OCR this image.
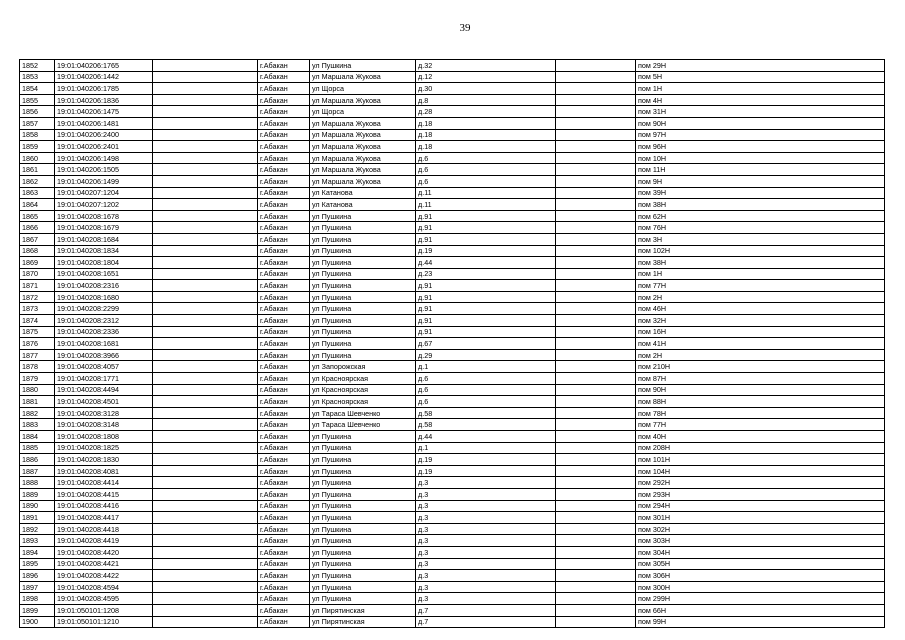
39
1852	19:01:040206:1765		г.Абакан	ул Пушкина	д.32		пом 29Н
1853	19:01:040206:1442		г.Абакан	ул Маршала Жукова	д.12		пом 5Н
1854	19:01:040206:1785		г.Абакан	ул Щорса	д.30		пом 1Н
1855	19:01:040206:1836		г.Абакан	ул Маршала Жукова	д.8		пом 4Н
1856	19:01:040206:1475		г.Абакан	ул Щорса	д.28		пом 31Н
1857	19:01:040206:1481		г.Абакан	ул Маршала Жукова	д.18		пом 90Н
1858	19:01:040206:2400		г.Абакан	ул Маршала Жукова	д.18		пом 97Н
1859	19:01:040206:2401		г.Абакан	ул Маршала Жукова	д.18		пом 96Н
1860	19:01:040206:1498		г.Абакан	ул Маршала Жукова	д.6		пом 10Н
1861	19:01:040206:1505		г.Абакан	ул Маршала Жукова	д.6		пом 11Н
1862	19:01:040206:1499		г.Абакан	ул Маршала Жукова	д.6		пом 9Н
1863	19:01:040207:1204		г.Абакан	ул Катанова	д.11		пом 39Н
1864	19:01:040207:1202		г.Абакан	ул Катанова	д.11		пом 38Н
1865	19:01:040208:1678		г.Абакан	ул Пушкина	д.91		пом 62Н
1866	19:01:040208:1679		г.Абакан	ул Пушкина	д.91		пом 76Н
1867	19:01:040208:1684		г.Абакан	ул Пушкина	д.91		пом 3Н
1868	19:01:040208:1834		г.Абакан	ул Пушкина	д.19		пом 102Н
1869	19:01:040208:1804		г.Абакан	ул Пушкина	д.44		пом 38Н
1870	19:01:040208:1651		г.Абакан	ул Пушкина	д.23		пом 1Н
1871	19:01:040208:2316		г.Абакан	ул Пушкина	д.91		пом 77Н
1872	19:01:040208:1680		г.Абакан	ул Пушкина	д.91		пом 2Н
1873	19:01:040208:2299		г.Абакан	ул Пушкина	д.91		пом 46Н
1874	19:01:040208:2312		г.Абакан	ул Пушкина	д.91		пом 32Н
1875	19:01:040208:2336		г.Абакан	ул Пушкина	д.91		пом 16Н
1876	19:01:040208:1681		г.Абакан	ул Пушкина	д.67		пом 41Н
1877	19:01:040208:3966		г.Абакан	ул Пушкина	д.29		пом 2Н
1878	19:01:040208:4057		г.Абакан	ул Запорожская	д.1		пом 210Н
1879	19:01:040208:1771		г.Абакан	ул Красноярская	д.6		пом 87Н
1880	19:01:040208:4494		г.Абакан	ул Красноярская	д.6		пом 90Н
1881	19:01:040208:4501		г.Абакан	ул Красноярская	д.6		пом 88Н
1882	19:01:040208:3128		г.Абакан	ул Тараса Шевченко	д.58		пом 78Н
1883	19:01:040208:3148		г.Абакан	ул Тараса Шевченко	д.58		пом 77Н
1884	19:01:040208:1808		г.Абакан	ул Пушкина	д.44		пом 40Н
1885	19:01:040208:1825		г.Абакан	ул Пушкина	д.1		пом 208Н
1886	19:01:040208:1830		г.Абакан	ул Пушкина	д.19		пом 101Н
1887	19:01:040208:4081		г.Абакан	ул Пушкина	д.19		пом 104Н
1888	19:01:040208:4414		г.Абакан	ул Пушкина	д.3		пом 292Н
1889	19:01:040208:4415		г.Абакан	ул Пушкина	д.3		пом 293Н
1890	19:01:040208:4416		г.Абакан	ул Пушкина	д.3		пом 294Н
1891	19:01:040208:4417		г.Абакан	ул Пушкина	д.3		пом 301Н
1892	19:01:040208:4418		г.Абакан	ул Пушкина	д.3		пом 302Н
1893	19:01:040208:4419		г.Абакан	ул Пушкина	д.3		пом 303Н
1894	19:01:040208:4420		г.Абакан	ул Пушкина	д.3		пом 304Н
1895	19:01:040208:4421		г.Абакан	ул Пушкина	д.3		пом 305Н
1896	19:01:040208:4422		г.Абакан	ул Пушкина	д.3		пом 306Н
1897	19:01:040208:4594		г.Абакан	ул Пушкина	д.3		пом 300Н
1898	19:01:040208:4595		г.Абакан	ул Пушкина	д.3		пом 299Н
1899	19:01:050101:1208		г.Абакан	ул Пирятинская	д.7		пом 66Н
1900	19:01:050101:1210		г.Абакан	ул Пирятинская	д.7		пом 99Н
